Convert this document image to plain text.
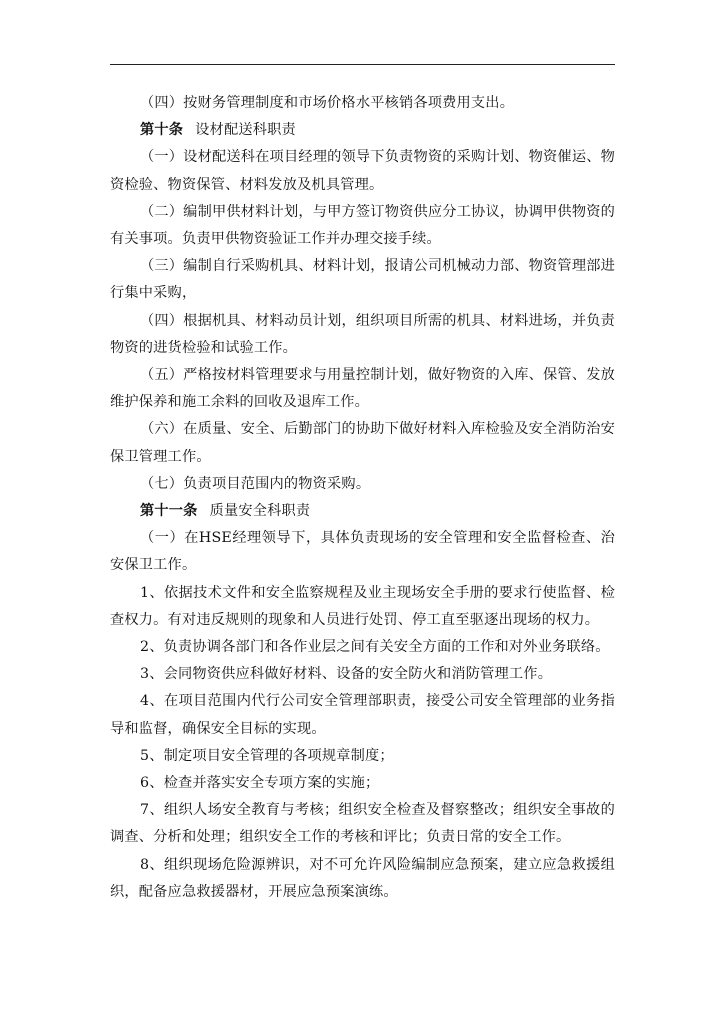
（四）按财务管理制度和市场价格水平核销各项费用支出。

第十条 设材配送科职责

（一）设材配送科在项目经理的领导下负责物资的采购计划、物资催运、物资检验、物资保管、材料发放及机具管理。

（二）编制甲供材料计划，与甲方签订物资供应分工协议，协调甲供物资的有关事项。负责甲供物资验证工作并办理交接手续。

（三）编制自行采购机具、材料计划，报请公司机械动力部、物资管理部进行集中采购，

（四）根据机具、材料动员计划，组织项目所需的机具、材料进场，并负责物资的进货检验和试验工作。

（五）严格按材料管理要求与用量控制计划，做好物资的入库、保管、发放维护保养和施工余料的回收及退库工作。

（六）在质量、安全、后勤部门的协助下做好材料入库检验及安全消防治安保卫管理工作。

（七）负责项目范围内的物资采购。

第十一条 质量安全科职责

（一）在HSE经理领导下，具体负责现场的安全管理和安全监督检查、治安保卫工作。

1、依据技术文件和安全监察规程及业主现场安全手册的要求行使监督、检查权力。有对违反规则的现象和人员进行处罚、停工直至驱逐出现场的权力。

2、负责协调各部门和各作业层之间有关安全方面的工作和对外业务联络。

3、会同物资供应科做好材料、设备的安全防火和消防管理工作。

4、在项目范围内代行公司安全管理部职责，接受公司安全管理部的业务指导和监督，确保安全目标的实现。

5、制定项目安全管理的各项规章制度；

6、检查并落实安全专项方案的实施；

7、组织人场安全教育与考核；组织安全检查及督察整改；组织安全事故的调查、分析和处理；组织安全工作的考核和评比；负责日常的安全工作。

8、组织现场危险源辨识，对不可允许风险编制应急预案，建立应急救援组织，配备应急救援器材，开展应急预案演练。
